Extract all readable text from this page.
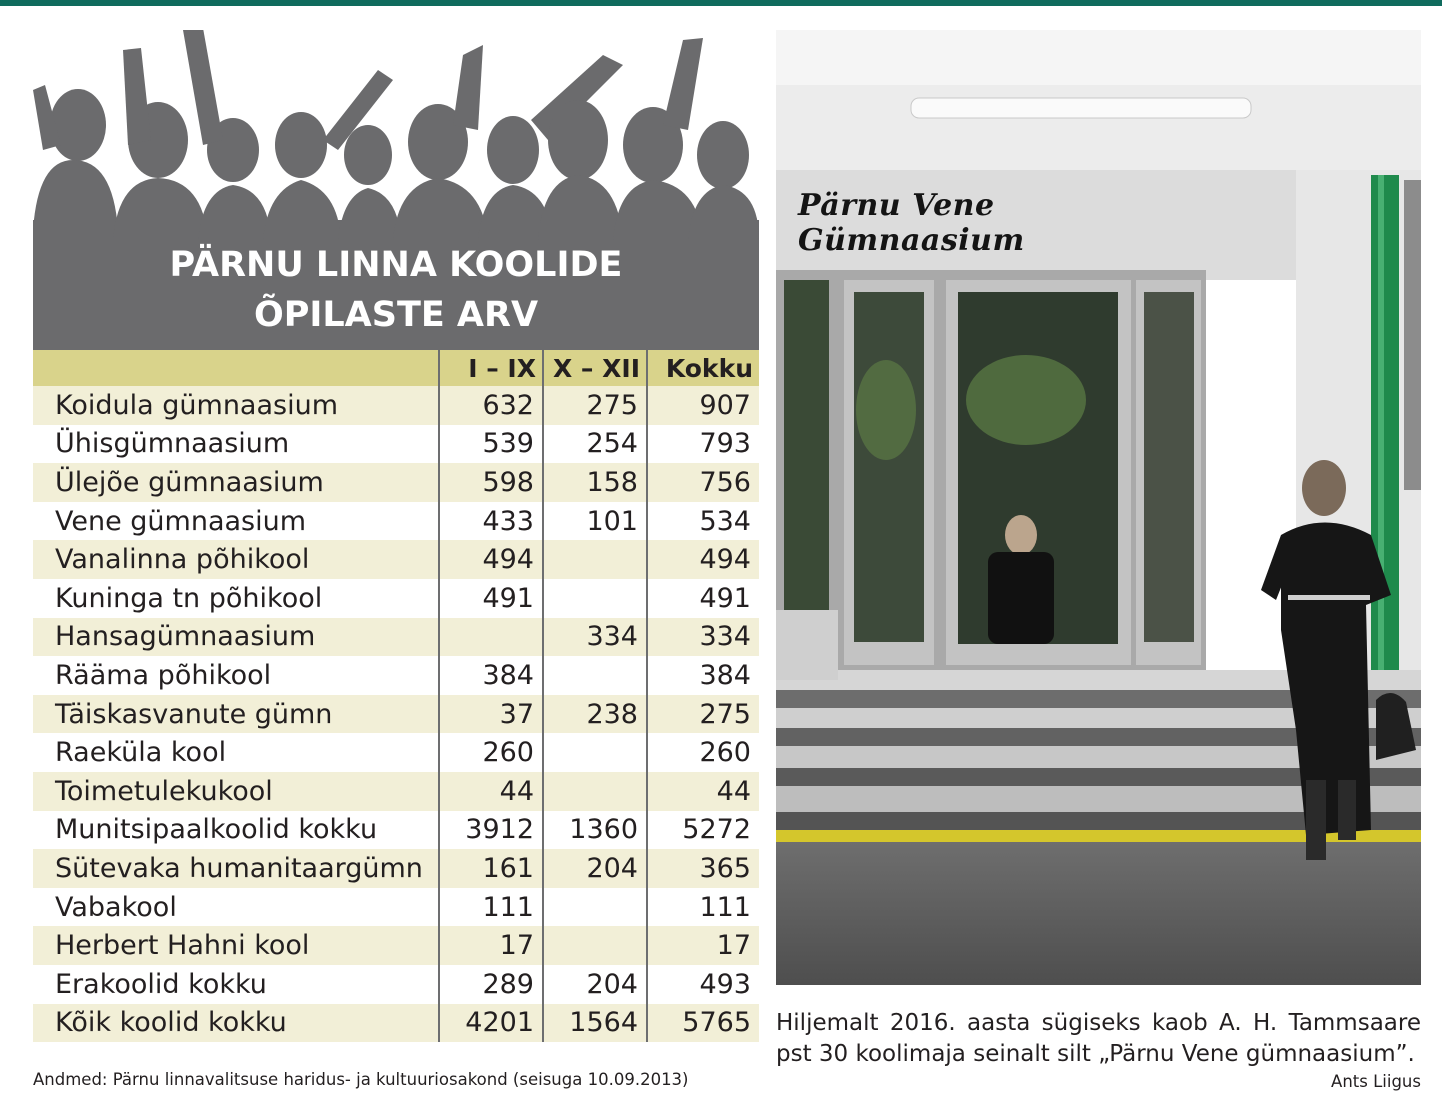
PÄRNU LINNA KOOLIDE
ÕPILASTE ARV
	I – IX	X – XII	Kokku
Koidula gümnaasium	632	275	907
Ühisgümnaasium	539	254	793
Ülejõe gümnaasium	598	158	756
Vene gümnaasium	433	101	534
Vanalinna põhikool	494		494
Kuninga tn põhikool	491		491
Hansagümnaasium		334	334
Rääma põhikool	384		384
Täiskasvanute gümn	37	238	275
Raeküla kool	260		260
Toimetulekukool	44		44
Munitsipaalkoolid kokku	3912	1360	5272
Sütevaka humanitaargümn	161	204	365
Vabakool	111		111
Herbert Hahni kool	17		17
Erakoolid kokku	289	204	493
Kõik koolid kokku	4201	1564	5765
Andmed: Pärnu linnavalitsuse haridus- ja kultuuriosakond (seisuga 10.09.2013)
Pärnu Vene Gümnaasium
Hiljemalt 2016. aasta sügiseks kaob A. H. Tammsaare
pst 30 koolimaja seinalt silt „Pärnu Vene gümnaasium”.
Ants Liigus
